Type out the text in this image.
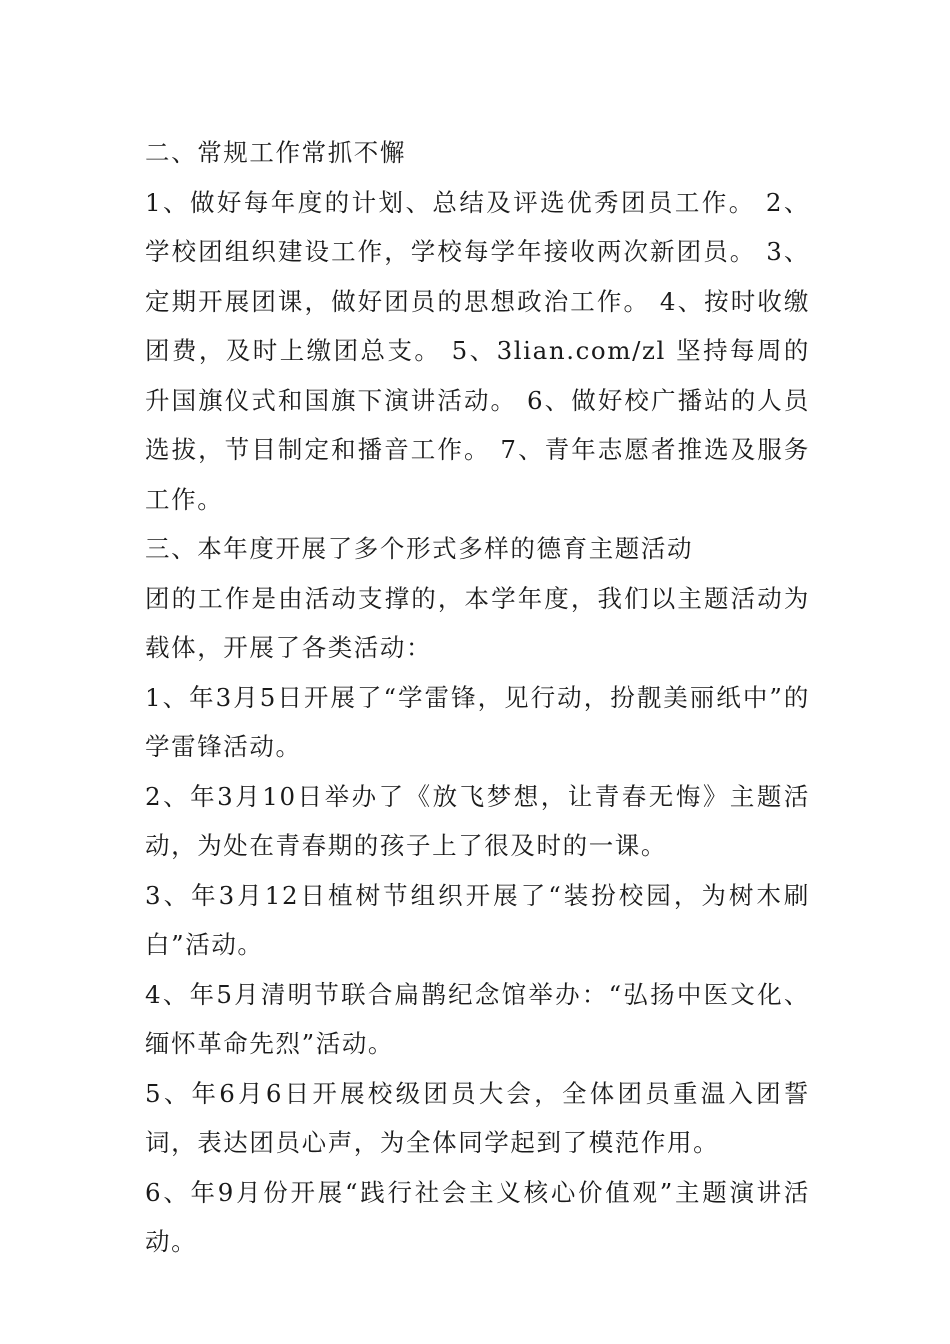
二、常规工作常抓不懈

1、做好每年度的计划、总结及评选优秀团员工作。 2、学校团组织建设工作，学校每学年接收两次新团员。 3、定期开展团课，做好团员的思想政治工作。 4、按时收缴团费，及时上缴团总支。 5、3lian.com/zl 坚持每周的升国旗仪式和国旗下演讲活动。 6、做好校广播站的人员选拔，节目制定和播音工作。 7、青年志愿者推选及服务工作。

三、本年度开展了多个形式多样的德育主题活动

团的工作是由活动支撑的，本学年度，我们以主题活动为载体，开展了各类活动：

1、年3月5日开展了“学雷锋，见行动，扮靓美丽纸中”的学雷锋活动。

2、年3月10日举办了《放飞梦想，让青春无悔》主题活动，为处在青春期的孩子上了很及时的一课。

3、年3月12日植树节组织开展了“装扮校园，为树木刷白”活动。

4、年5月清明节联合扁鹊纪念馆举办：“弘扬中医文化、缅怀革命先烈”活动。

5、年6月6日开展校级团员大会，全体团员重温入团誓词，表达团员心声，为全体同学起到了模范作用。

6、年9月份开展“践行社会主义核心价值观”主题演讲活动。
